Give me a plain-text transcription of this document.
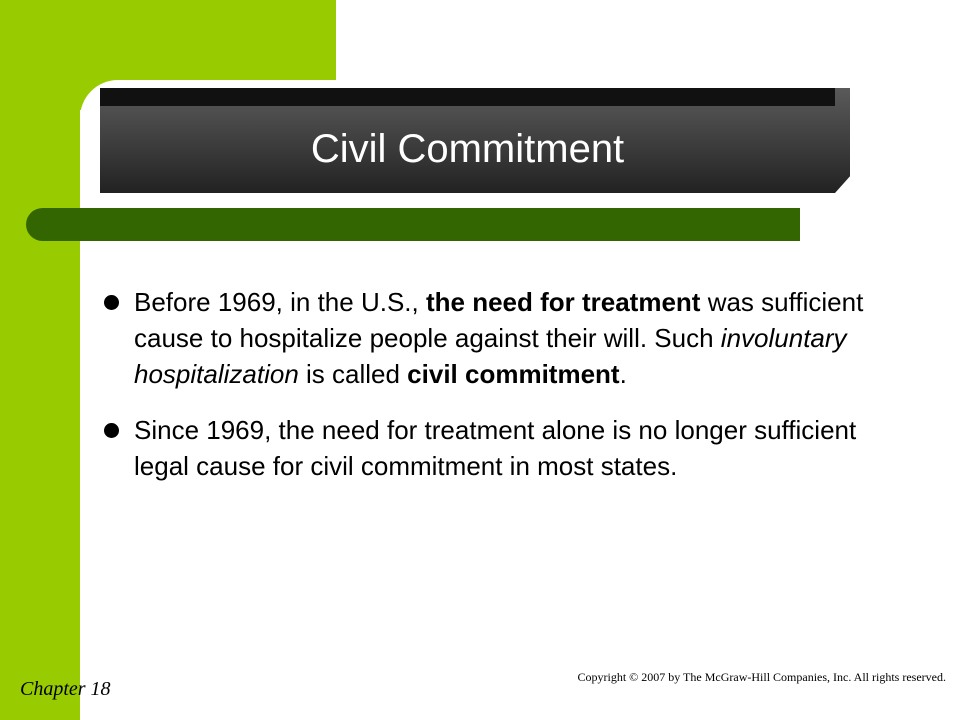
Civil Commitment
Before 1969, in the U.S., the need for treatment was sufficient cause to hospitalize people against their will. Such involuntary hospitalization is called civil commitment.
Since 1969, the need for treatment alone is no longer sufficient legal cause for civil commitment in most states.
Chapter 18
Copyright © 2007 by The McGraw-Hill Companies, Inc. All rights reserved.
